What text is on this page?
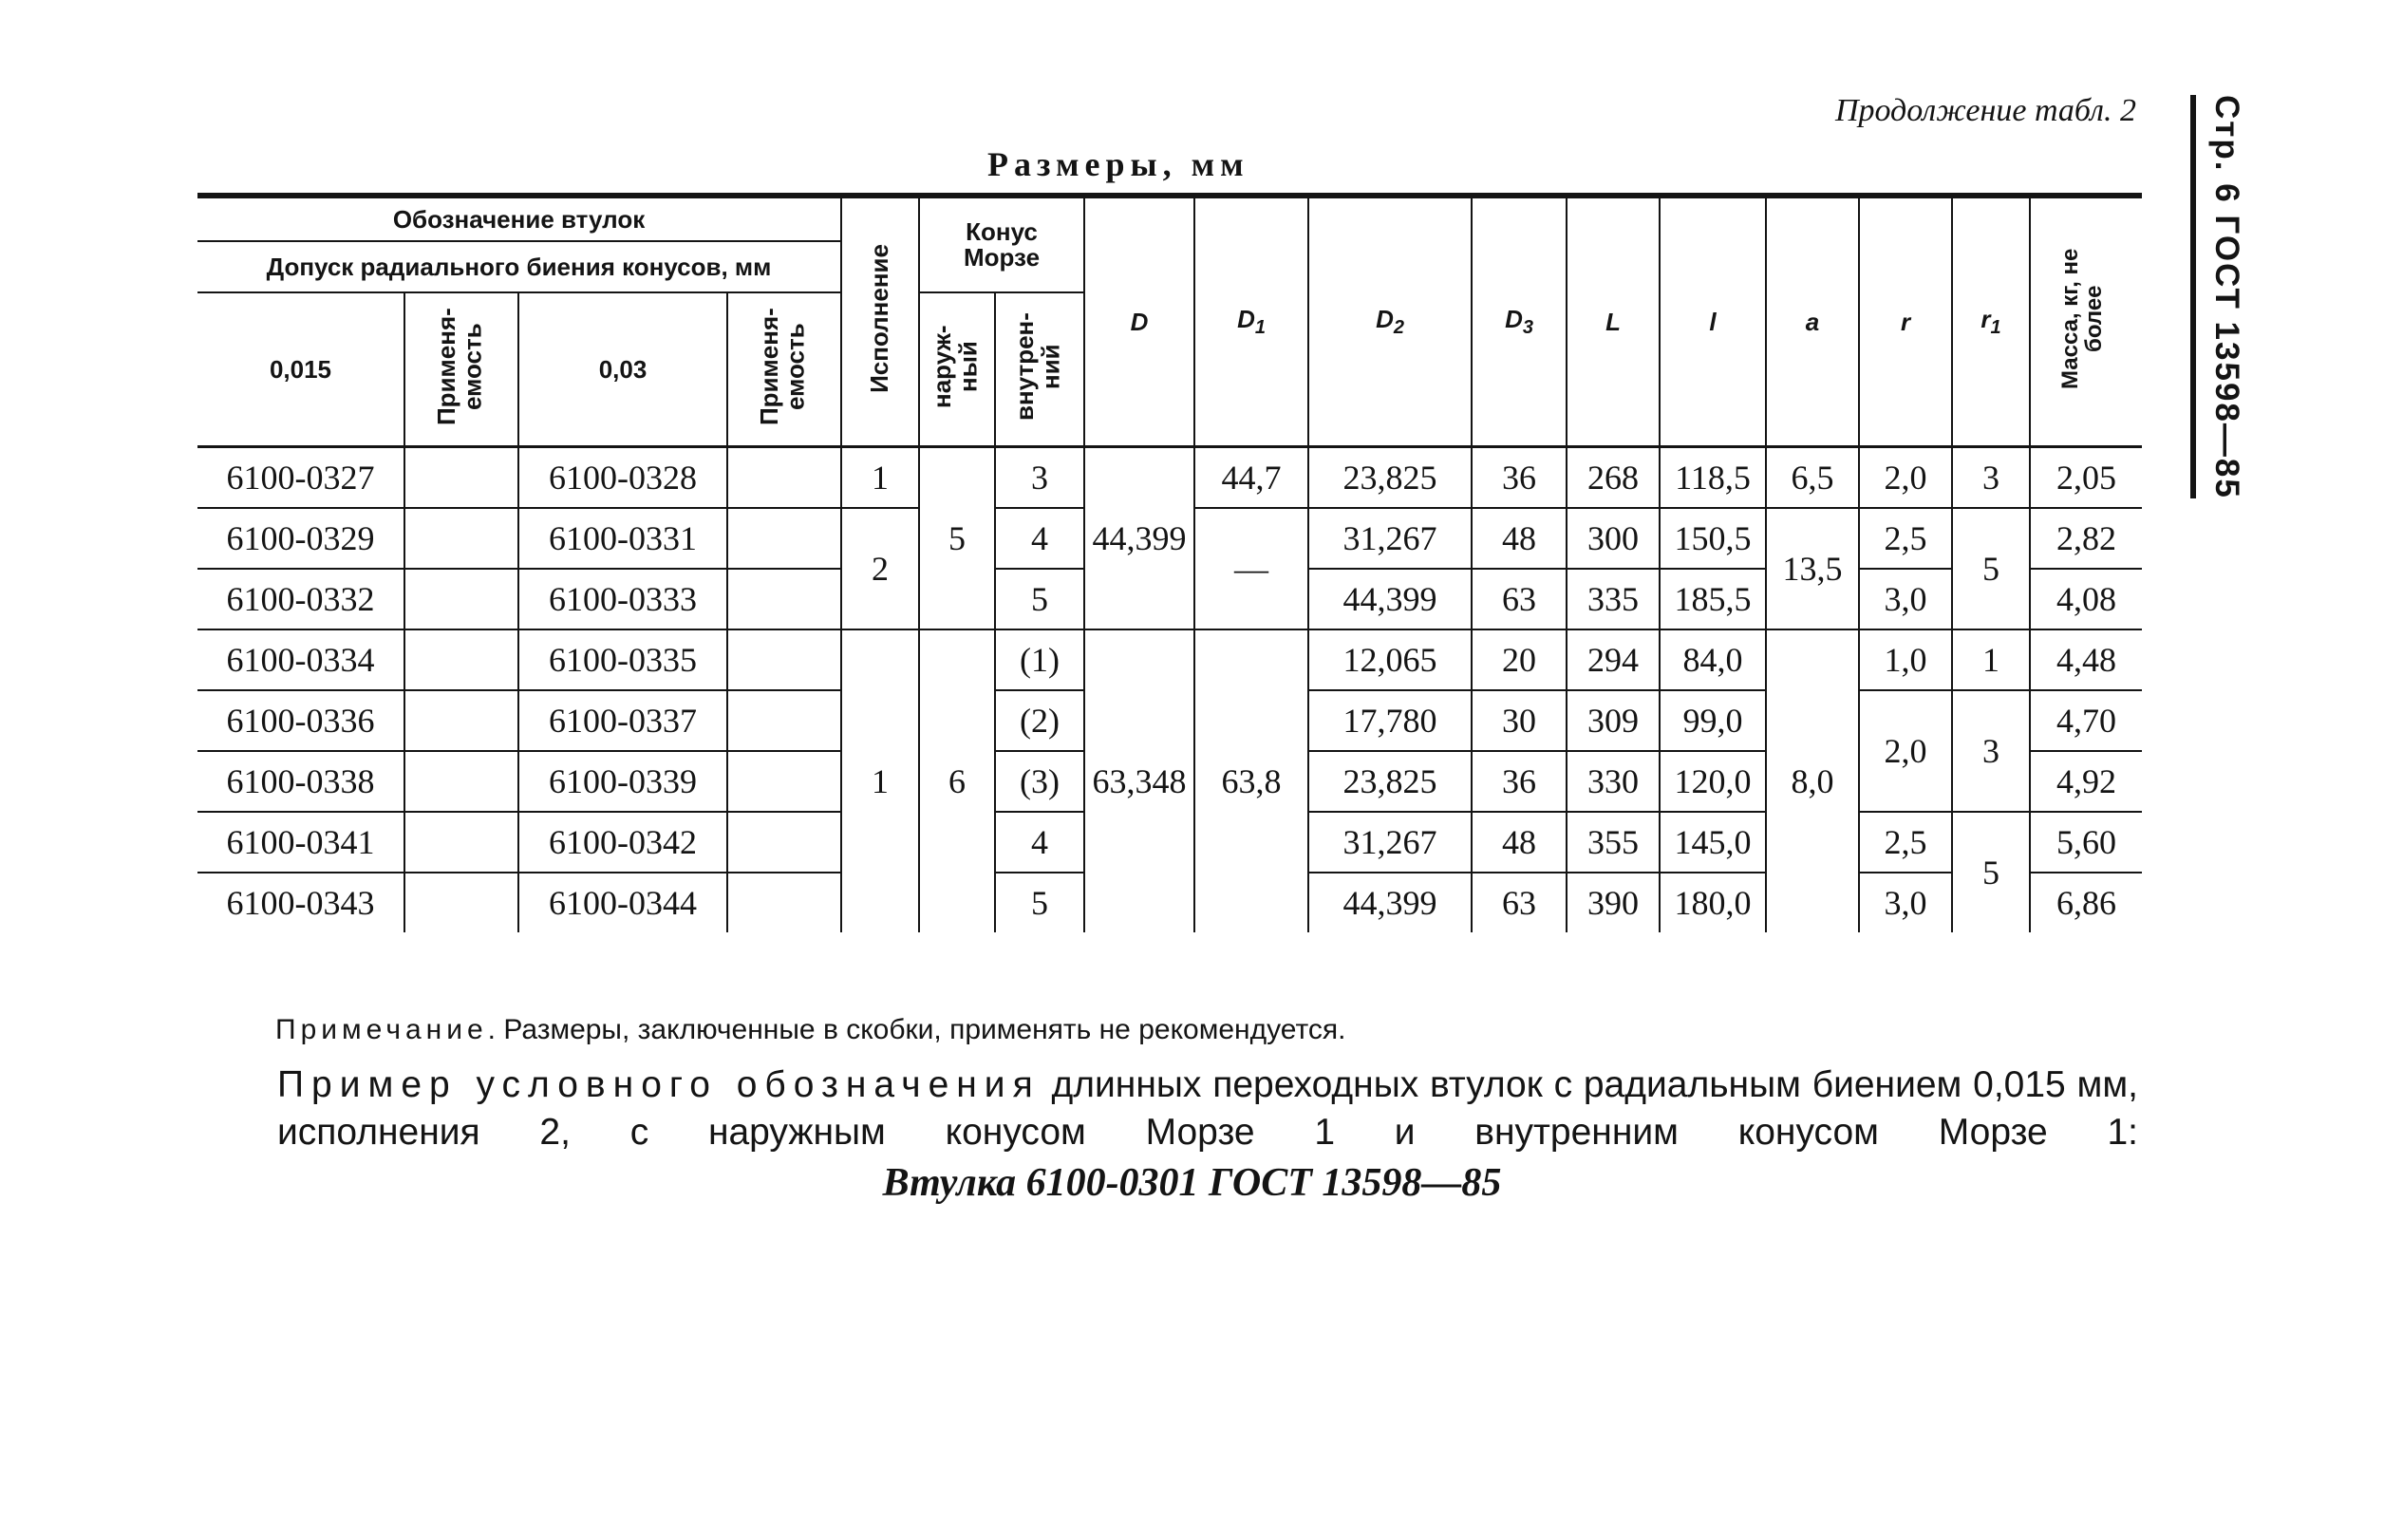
Продолжение табл. 2
Размеры, мм	Стр. 6 ГОСТ 13598—85
Обозначение втулок				Исполнение	Конус Морзе		D	$D_1$	$D_2$	$D_3$	L	l	a	r	$r_1$	Масса, кг, не более
Допуск радиального биения конусов, мм																
0,015	Применя-емость	0,03	Применя-емость		наруж-ный	внутрен-ний										
6100-0327		6100-0328		1	5	3	44,399	44,7	23,825	36	268	118,5	6,5	2,0	3	2,05
6100-0329		6100-0331		2		4		—	31,267	48	300	150,5	13,5	2,5	5	2,82
6100-0332		6100-0333				5			44,399	63	335	185,5		3,0		4,08
6100-0334		6100-0335		1	6	(1)	63,348	63,8	12,065	20	294	84,0	8,0	1,0	1	4,48
6100-0336		6100-0337				(2)			17,780	30	309	99,0		2,0	3	4,70
6100-0338		6100-0339				(3)			23,825	36	330	120,0				4,92
6100-0341		6100-0342				4			31,267	48	355	145,0		2,5	5	5,60
6100-0343		6100-0344				5			44,399	63	390	180,0		3,0		6,86
Примечание. Размеры, заключенные в скобки, применять не рекомендуется.
Пример условного обозначения длинных переходных втулок с радиальным биением 0,015 мм, исполнения 2, с наружным конусом Морзе 1 и внутренним конусом Морзе 1:
Втулка 6100-0301 ГОСТ 13598—85
